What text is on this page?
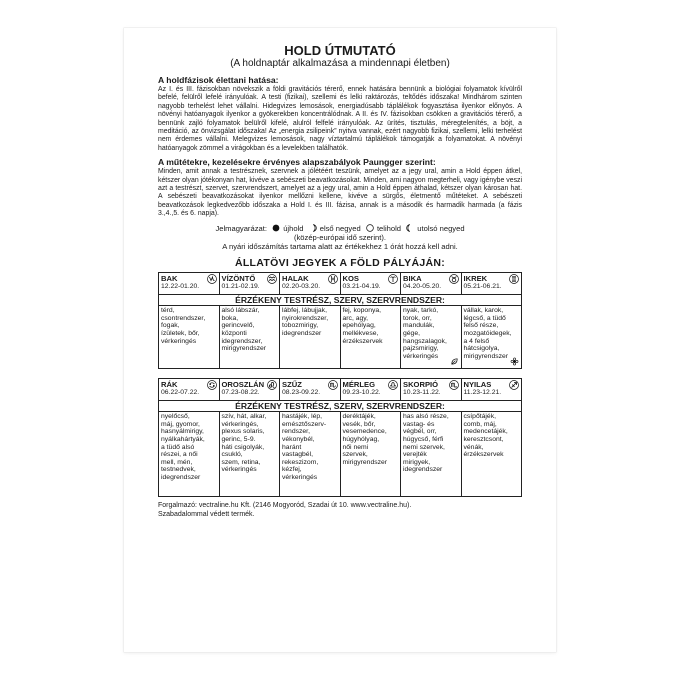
HOLD ÚTMUTATÓ
(A holdnaptár alkalmazása a mindennapi életben)
A holdfázisok élettani hatása:

Az I. és III. fázisokban növekszik a földi gravitációs térerő, ennek hatására bennünk a biológiai folyamatok kívülről befelé, felülről lefelé irányulóak. A testi (fizikai), szellemi és lelki raktározás, teltődés időszaka! Mindhárom szinten nagyobb terhelést lehet vállalni. Hidegvizes lemosások, energiadúsabb táplálékok fogyasztása ilyenkor előnyös. A növényi hatóanyagok ilyenkor a gyökerekben koncentrálódnak. A II. és IV. fázisokban csökken a gravitációs térerő, a bennünk zajló folyamatok belülről kifelé, alulról felfelé irányulóak. Az ürítés, tisztulás, méregtelenítés, a böjt, a meditáció, az önvizsgálat időszaka! Az „energia zsilipeink” nyitva vannak, ezért nagyobb fizikai, szellemi, lelki terhelést nem érdemes vállalni. Melegvizes lemosások, nagy víztartalmú táplálékok támogatják a folyamatokat. A növényi hatóanyagok zömmel a virágokban és a levelekben találhatók.

A műtétekre, kezelésekre érvényes alapszabályok Paungger szerint:

Minden, amit annak a testrésznek, szervnek a jólétéért teszünk, amelyet az a jegy ural, amin a Hold éppen átkel, kétszer olyan jótékonyan hat, kivéve a sebészeti beavatkozásokat. Minden, ami nagyon megterheli, vagy igénybe veszi azt a testrészt, szervet, szervrendszert, amelyet az a jegy ural, amin a Hold éppen áthalad, kétszer olyan károsan hat. A sebészeti beavatkozásokat ilyenkor mellőzni kellene, kivéve a sürgős, életmentő műtéteket. A sebészeti beavatkozások legkedvezőbb időszaka a Hold I. és III. fázisa, annak is a második és harmadik harmada (a fázis 3.,4.,5. és 6. napja).

Jelmagyarázat: újhold első negyed telihold utolsó negyed
(közép-európai idő szerint).
A nyári időszámítás tartama alatt az értékekhez 1 órát hozzá kell adni.
ÁLLATÖVI JEGYEK A FÖLD PÁLYÁJÁN:
BAK
12.22-01.20.
VÍZÖNTŐ
01.21-02.19.
HALAK
02.20-03.20.
KOS
03.21-04.19.
BIKA
04.20-05.20.
IKREK
05.21-06.21.
ÉRZÉKENY TESTRÉSZ, SZERV, SZERVRENDSZER:
térd,
csontrendszer,
fogak,
ízületek, bőr,
vérkeringés
alsó lábszár,
boka,
gerincvelő,
központi
idegrendszer,
mirigyrendszer
lábfej, lábujjak,
nyirokrendszer,
tobozmirigy,
idegrendszer
fej, koponya,
arc, agy,
epehólyag,
mellékvese,
érzékszervek
nyak, tarkó,
torok, orr,
mandulák,
gége,
hangszalagok,
pajzsmirigy,
vérkeringés
vállak, karok,
légcső, a tüdő
felső része,
mozgatóidegek,
a 4 felső
hátcsigolya,
mirigyrendszer
RÁK
06.22-07.22.
OROSZLÁN
07.23-08.22.
SZŰZ
08.23-09.22.
MÉRLEG
09.23-10.22.
SKORPIÓ
10.23-11.22.
NYILAS
11.23-12.21.
ÉRZÉKENY TESTRÉSZ, SZERV, SZERVRENDSZER:
nyelőcső,
máj, gyomor,
hasnyálmirigy,
nyálkahártyák,
a tüdő alsó
részei, a női
mell, mén,
testnedvek,
idegrendszer
szív, hát, alkar,
vérkeringés,
plexus solaris,
gerinc, 5-9.
háti csigolyák,
csukló,
szem, retina,
vérkeringés
hastájék, lép,
emésztőszerv-
rendszer,
vékonybél,
haránt
vastagbél,
rekeszizom,
kézfej,
vérkeringés
deréktájék,
vesék, bőr,
vesemedence,
húgyhólyag,
női nemi
szervek,
mirigyrendszer
has alsó része,
vastag- és
végbél, orr,
húgycső, férfi
nemi szervek,
verejték
mirigyek,
idegrendszer
csípőtájék,
comb, máj,
medencetájék,
keresztcsont,
vénák,
érzékszervek
Forgalmazó: vectraline.hu Kft. (2146 Mogyoród, Szadai út 10. www.vectraline.hu).
Szabadalommal védett termék.
